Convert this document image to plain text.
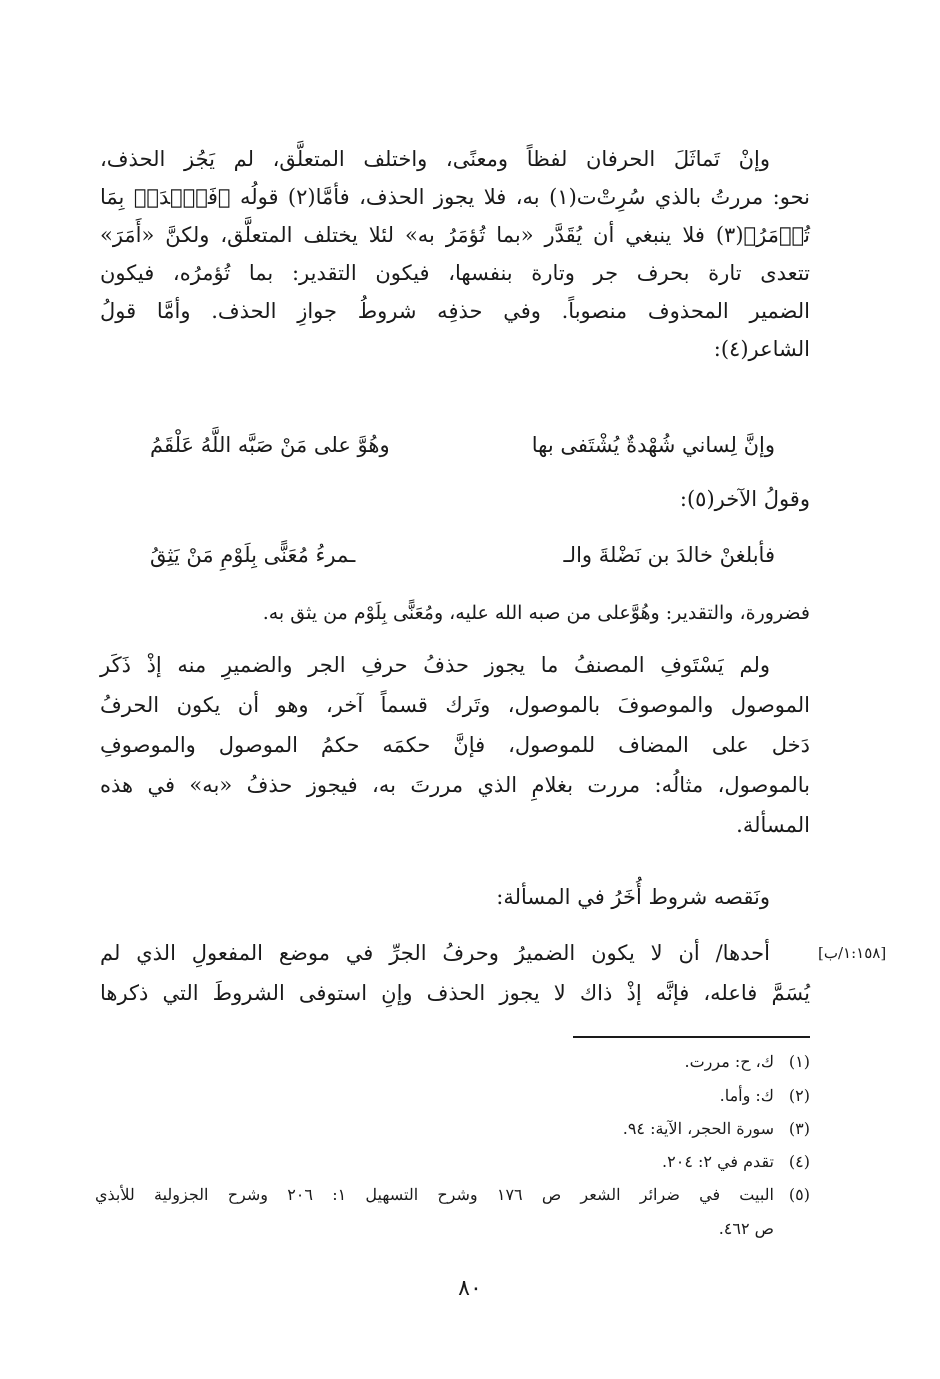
وإنْ تَماثَلَ الحرفان لفظاً ومعنًى، واختلف المتعلَّق، لم يَجُز الحذف،
نحو: مررتُ بالذي سُرِتْ‌ت(١) به، فلا يجوز الحذف، فأمَّا(٢) قولُه ﴿فَٱصۡدَعۡ بِمَا
تُؤۡمَرُ﴾(٣) فلا ينبغي أن يُقَدَّر «بما تُؤمَرُ به» لئلا يختلف المتعلَّق، ولكنَّ «أَمَرَ»
تتعدى تارة بحرف جر وتارة بنفسها، فيكون التقدير: بما تُؤمرُه، فيكون
الضمير المحذوف منصوباً. وفي حذفِه شروطُ جوازِ الحذف. وأمَّا قولُ
الشاعر(٤):
وإنَّ لِساني شُهْدةٌ يُشْتَفى بها
وهُوَّ على مَنْ صَبَّه اللَّهُ عَلْقَمُ
وقولُ الآخر(٥):
فأبلغنْ خالدَ بن نَضْلةَ والـ
ـمرءُ مُعَنًّى بِلَوْمِ مَنْ يَثِقُ
فضرورة، والتقدير: وهُوَّعلى من صبه الله عليه، ومُعَنًّى بِلَوْم من يثق به.
ولم يَسْتَوفِ المصنفُ ما يجوز حذفُ حرفِ الجر والضميرِ منه إذْ ذَكَر
الموصول والموصوفَ بالموصول، وتَرك قسماً آخر، وهو أن يكون الحرفُ
دَخل على المضاف للموصول، فإنَّ حكمَه حكمُ الموصول والموصوفِ
بالموصول، مثالُه: مررت بغلامِ الذي مررتَ به، فيجوز حذفُ «به» في هذه
المسألة.
ونَقصه شروط أُخَرُ في المسألة:
أحدها/ أن لا يكون الضميرُ وحرفُ الجرِّ في موضع المفعولِ الذي لم
يُسَمَّ فاعله، فإنَّه إذْ ذاك لا يجوز الحذف وإنِ استوفى الشروطَ التي ذكرها
[١:١٥٨/ب]
(١)
ك، ح: مررت.
(٢)
ك: وأما.
(٣)
سورة الحجر، الآية: ٩٤.
(٤)
تقدم في ٢: ٢٠٤.
(٥)
البيت في ضرائر الشعر ص ١٧٦ وشرح التسهيل ١: ٢٠٦ وشرح الجزولية للأبذي
ص ٤٦٢.
٨٠
